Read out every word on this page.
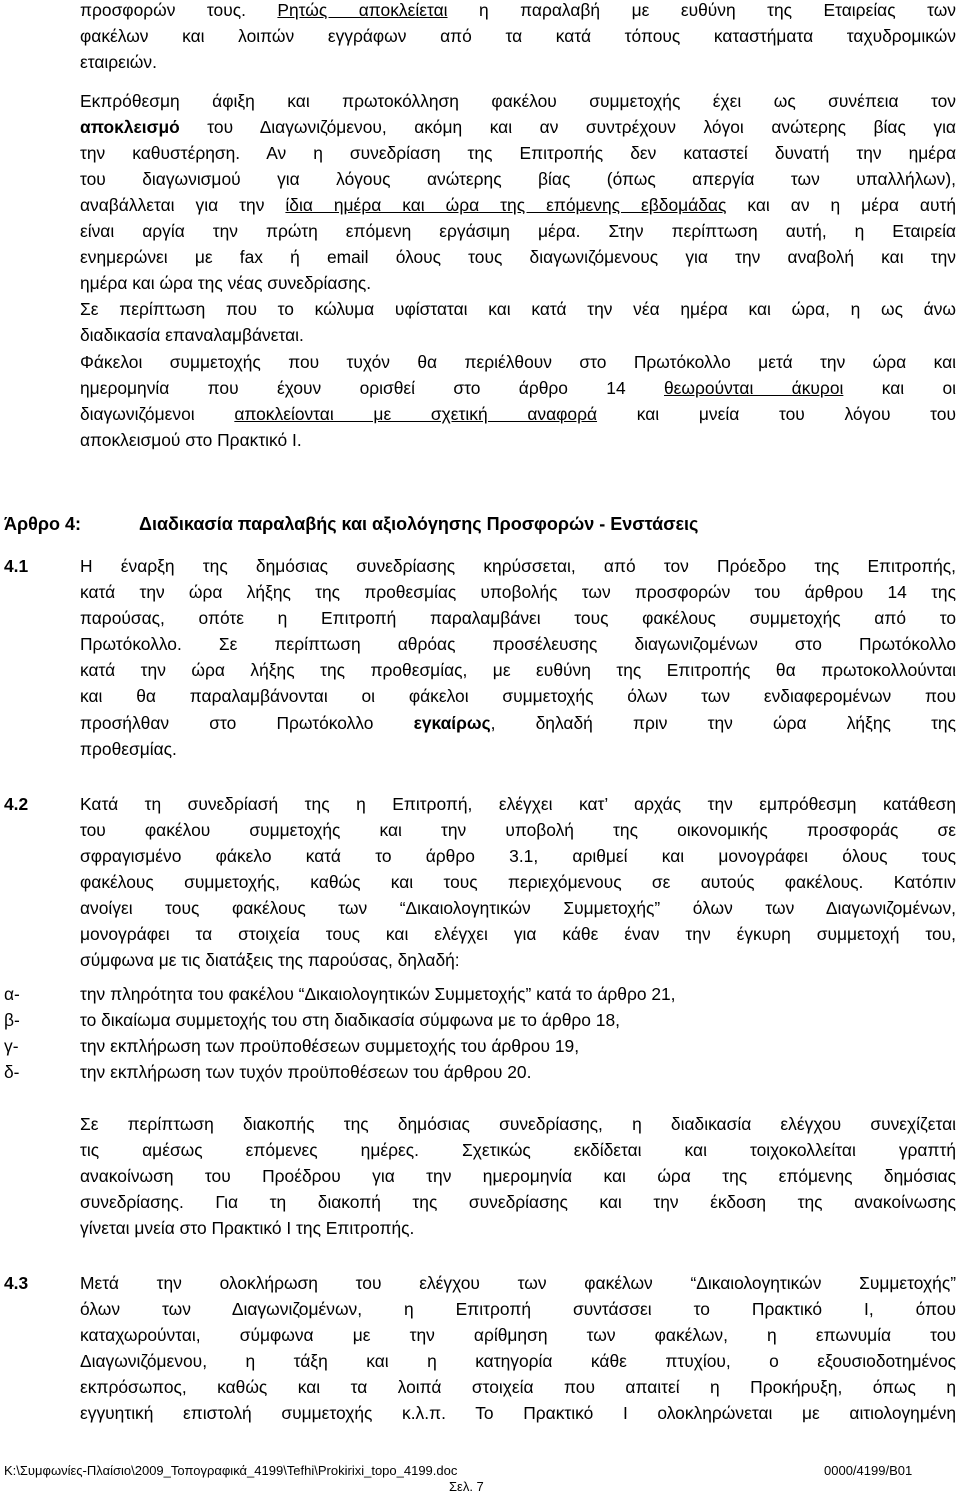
προσφορών τους. Ρητώς αποκλείεται η παραλαβή με ευθύνη της Εταιρείας των
φακέλων και λοιπών εγγράφων από τα κατά τόπους καταστήματα ταχυδρομικών
εταιρειών.
Εκπρόθεσμη άφιξη και πρωτοκόλληση φακέλου συμμετοχής έχει ως συνέπεια τον
αποκλεισμό του Διαγωνιζόμενου, ακόμη και αν συντρέχουν λόγοι ανώτερης βίας για
την καθυστέρηση. Αν η συνεδρίαση της Επιτροπής δεν καταστεί δυνατή την ημέρα
του διαγωνισμού για λόγους ανώτερης βίας (όπως απεργία των υπαλλήλων),
αναβάλλεται για την ίδια ημέρα και ώρα της επόμενης εβδομάδας και αν η μέρα αυτή
είναι αργία την πρώτη επόμενη εργάσιμη μέρα. Στην περίπτωση αυτή, η Εταιρεία
ενημερώνει με fax ή email όλους τους διαγωνιζόμενους για την αναβολή και την
ημέρα και ώρα της νέας συνεδρίασης.
Σε περίπτωση που το κώλυμα υφίσταται και κατά την νέα ημέρα και ώρα, η ως άνω
διαδικασία επαναλαμβάνεται.
Φάκελοι συμμετοχής που τυχόν θα περιέλθουν στο Πρωτόκολλο μετά την ώρα και
ημερομηνία που έχουν ορισθεί στο άρθρο 14 θεωρούνται άκυροι και οι
διαγωνιζόμενοι αποκλείονται με σχετική αναφορά και μνεία του λόγου του
αποκλεισμού στο Πρακτικό Ι.
Άρθρο 4:	Διαδικασία παραλαβής και αξιολόγησης Προσφορών - Ενστάσεις
4.1	Η έναρξη της δημόσιας συνεδρίασης κηρύσσεται, από τον Πρόεδρο της Επιτροπής,
κατά την ώρα λήξης της προθεσμίας υποβολής των προσφορών του άρθρου 14 της
παρούσας, οπότε η Επιτροπή παραλαμβάνει τους φακέλους συμμετοχής από το
Πρωτόκολλο. Σε περίπτωση αθρόας προσέλευσης διαγωνιζομένων στο Πρωτόκολλο
κατά την ώρα λήξης της προθεσμίας, με ευθύνη της Επιτροπής θα πρωτοκολλούνται
και θα παραλαμβάνονται οι φάκελοι συμμετοχής όλων των ενδιαφερομένων που
προσήλθαν στο Πρωτόκολλο εγκαίρως, δηλαδή πριν την ώρα λήξης της
προθεσμίας.
4.2	Κατά τη συνεδρίασή της η Επιτροπή, ελέγχει κατ’ αρχάς την εμπρόθεσμη κατάθεση
του φακέλου συμμετοχής και την υποβολή της οικονομικής προσφοράς σε
σφραγισμένο φάκελο κατά το άρθρο 3.1, αριθμεί και μονογράφει όλους τους
φακέλους συμμετοχής, καθώς και τους περιεχόμενους σε αυτούς φακέλους. Κατόπιν
ανοίγει τους φακέλους των “Δικαιολογητικών Συμμετοχής” όλων των Διαγωνιζομένων,
μονογράφει τα στοιχεία τους και ελέγχει για κάθε έναν την έγκυρη συμμετοχή του,
σύμφωνα με τις διατάξεις της παρούσας, δηλαδή:
α-	την πληρότητα του φακέλου “Δικαιολογητικών Συμμετοχής” κατά το άρθρο 21,
β-	το δικαίωμα συμμετοχής του στη διαδικασία σύμφωνα με το άρθρο 18,
γ-	την εκπλήρωση των προϋποθέσεων συμμετοχής του άρθρου 19,
δ-	την εκπλήρωση των τυχόν προϋποθέσεων του άρθρου 20.
Σε περίπτωση διακοπής της δημόσιας συνεδρίασης, η διαδικασία ελέγχου συνεχίζεται
τις αμέσως επόμενες ημέρες. Σχετικώς εκδίδεται και τοιχοκολλείται γραπτή
ανακοίνωση του Προέδρου για την ημερομηνία και ώρα της επόμενης δημόσιας
συνεδρίασης. Για τη διακοπή της συνεδρίασης και την έκδοση της ανακοίνωσης
γίνεται μνεία στο Πρακτικό Ι της Επιτροπής.
4.3	Μετά την ολοκλήρωση του ελέγχου των φακέλων “Δικαιολογητικών Συμμετοχής”
όλων των Διαγωνιζομένων, η Επιτροπή συντάσσει το Πρακτικό Ι, όπου
καταχωρούνται, σύμφωνα με την αρίθμηση των φακέλων, η επωνυμία του
Διαγωνιζόμενου, η τάξη και η κατηγορία κάθε πτυχίου, ο εξουσιοδοτημένος
εκπρόσωπος, καθώς και τα λοιπά στοιχεία που απαιτεί η Προκήρυξη, όπως η
εγγυητική επιστολή συμμετοχής κ.λ.π. Το Πρακτικό Ι ολοκληρώνεται με αιτιολογημένη
K:\Συμφωνίες-Πλαίσιο\2009_Τοπογραφικά_4199\Tefhi\Prokirixi_topo_4199.doc	0000/4199/B01
Σελ. 7
